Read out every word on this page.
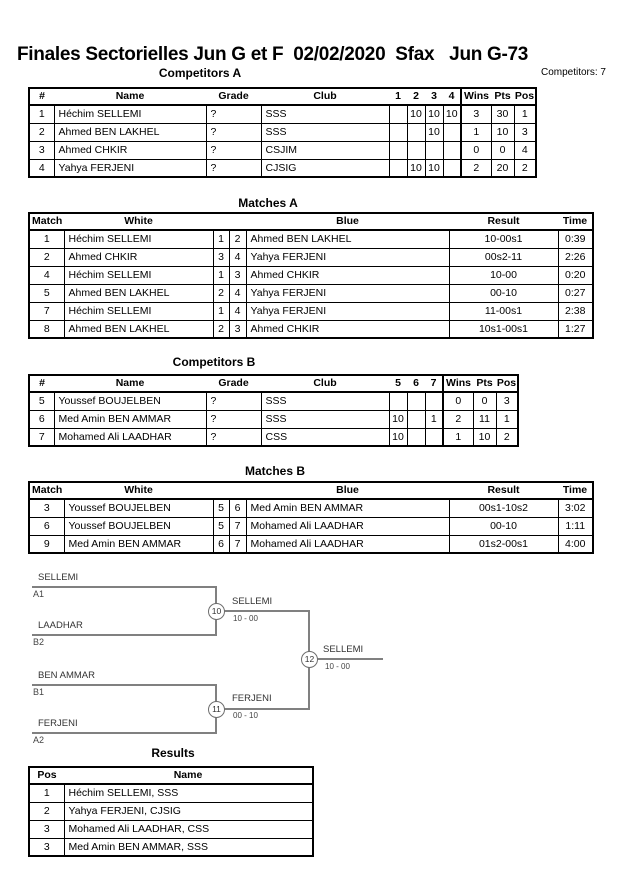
Finales Sectorielles Jun G et F  02/02/2020  Sfax   Jun G-73
Competitors: 7
Competitors A
#	Name	Grade	Club	1	2	3	4	Wins	Pts	Pos
1	Héchim SELLEMI	?	SSS		10	10	10	3	30	1
2	Ahmed BEN LAKHEL	?	SSS			10		1	10	3
3	Ahmed CHKIR	?	CSJIM					0	0	4
4	Yahya FERJENI	?	CJSIG		10	10		2	20	2
Matches A
Match	White			Blue	Result	Time
1	Héchim SELLEMI	1	2	Ahmed BEN LAKHEL	10-00s1	0:39
2	Ahmed CHKIR	3	4	Yahya FERJENI	00s2-11	2:26
4	Héchim SELLEMI	1	3	Ahmed CHKIR	10-00	0:20
5	Ahmed BEN LAKHEL	2	4	Yahya FERJENI	00-10	0:27
7	Héchim SELLEMI	1	4	Yahya FERJENI	11-00s1	2:38
8	Ahmed BEN LAKHEL	2	3	Ahmed CHKIR	10s1-00s1	1:27
Competitors B
#	Name	Grade	Club	5	6	7	Wins	Pts	Pos
5	Youssef BOUJELBEN	?	SSS				0	0	3
6	Med Amin BEN AMMAR	?	SSS	10		1	2	11	1
7	Mohamed Ali LAADHAR	?	CSS	10			1	10	2
Matches B
Match	White			Blue	Result	Time
3	Youssef BOUJELBEN	5	6	Med Amin BEN AMMAR	00s1-10s2	3:02
6	Youssef BOUJELBEN	5	7	Mohamed Ali LAADHAR	00-10	1:11
9	Med Amin BEN AMMAR	6	7	Mohamed Ali LAADHAR	01s2-00s1	4:00
SELLEMI
A1
LAADHAR
B2
BEN AMMAR
B1
FERJENI
A2
10
11
12
SELLEMI
10 - 00
FERJENI
00 - 10
SELLEMI
10 - 00
Results
Pos	Name
1	Héchim SELLEMI, SSS
2	Yahya FERJENI, CJSIG
3	Mohamed Ali LAADHAR, CSS
3	Med Amin BEN AMMAR, SSS
